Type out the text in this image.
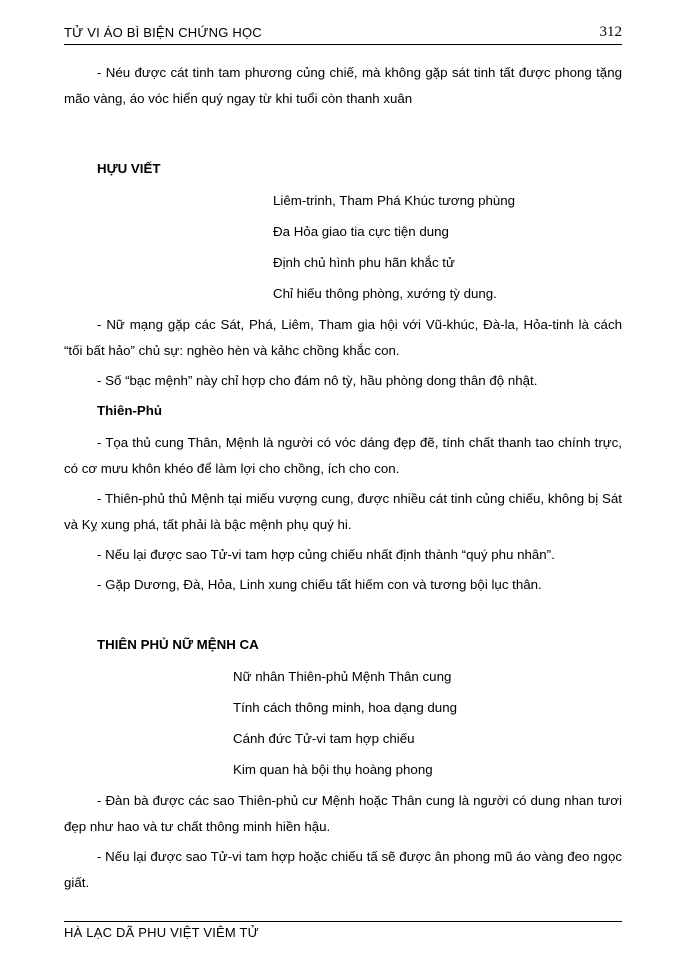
TỬ VI ÁO BÌ BIỆN CHỨNG HỌC	312

- Néu được cát tinh tam phương củng chiế, mà không gặp sát tinh tất được phong tặng mão vàng, áo vóc hiển quý ngay từ khi tuổi còn thanh xuân

HỰU VIẾT

Liêm-trinh, Tham Phá Khúc tương phùng

Đa Hỏa giao tia cực tiện dung

Định chủ hình phu hãn khắc tử

Chỉ hiếu thông phòng, xướng tỳ dung.

- Nữ mạng gặp các Sát, Phá, Liêm, Tham gia hội với Vũ-khúc, Đà-la, Hỏa-tinh là cách “tối bất hảo” chủ sự: nghèo hèn và kảhc chồng khắc con.

- Số “bạc mệnh” này chỉ hợp cho đám nô tỳ, hầu phòng dong thân độ nhật.

Thiên-Phủ

- Tọa thủ cung Thân, Mệnh là người có vóc dáng đẹp đẽ, tính chất thanh tao chính trực, có cơ mưu khôn khéo để làm lợi cho chồng, ích cho con.

- Thiên-phủ thủ Mệnh tại miếu vượng cung, được nhiều cát tinh củng chiếu, không bị Sát và Kỵ xung phá, tất phải là bậc mệnh phụ quý hi.

- Nếu lại được sao Tử-vi tam hợp củng chiếu nhất định thành “quý phu nhân”.

- Gặp Dương, Đà, Hỏa, Linh xung chiếu tất hiếm con và tương bội lục thân.

THIÊN PHỦ NỮ MỆNH CA

Nữ nhân Thiên-phủ Mệnh Thân cung

Tính cách thông minh, hoa dạng dung

Cánh đức Tử-vi tam hợp chiếu

Kim quan hà bội thụ hoàng phong

- Đàn bà được các sao Thiên-phủ cư Mệnh hoặc Thân cung là người có dung nhan tươi đẹp như hao và tư chất thông minh hiền hậu.

- Nếu lại được sao Tử-vi tam hợp hoặc chiếu tấ sẽ được ân phong mũ áo vàng đeo ngọc giất.

HÀ LẠC DÃ PHU VIỆT VIÊM TỬ
